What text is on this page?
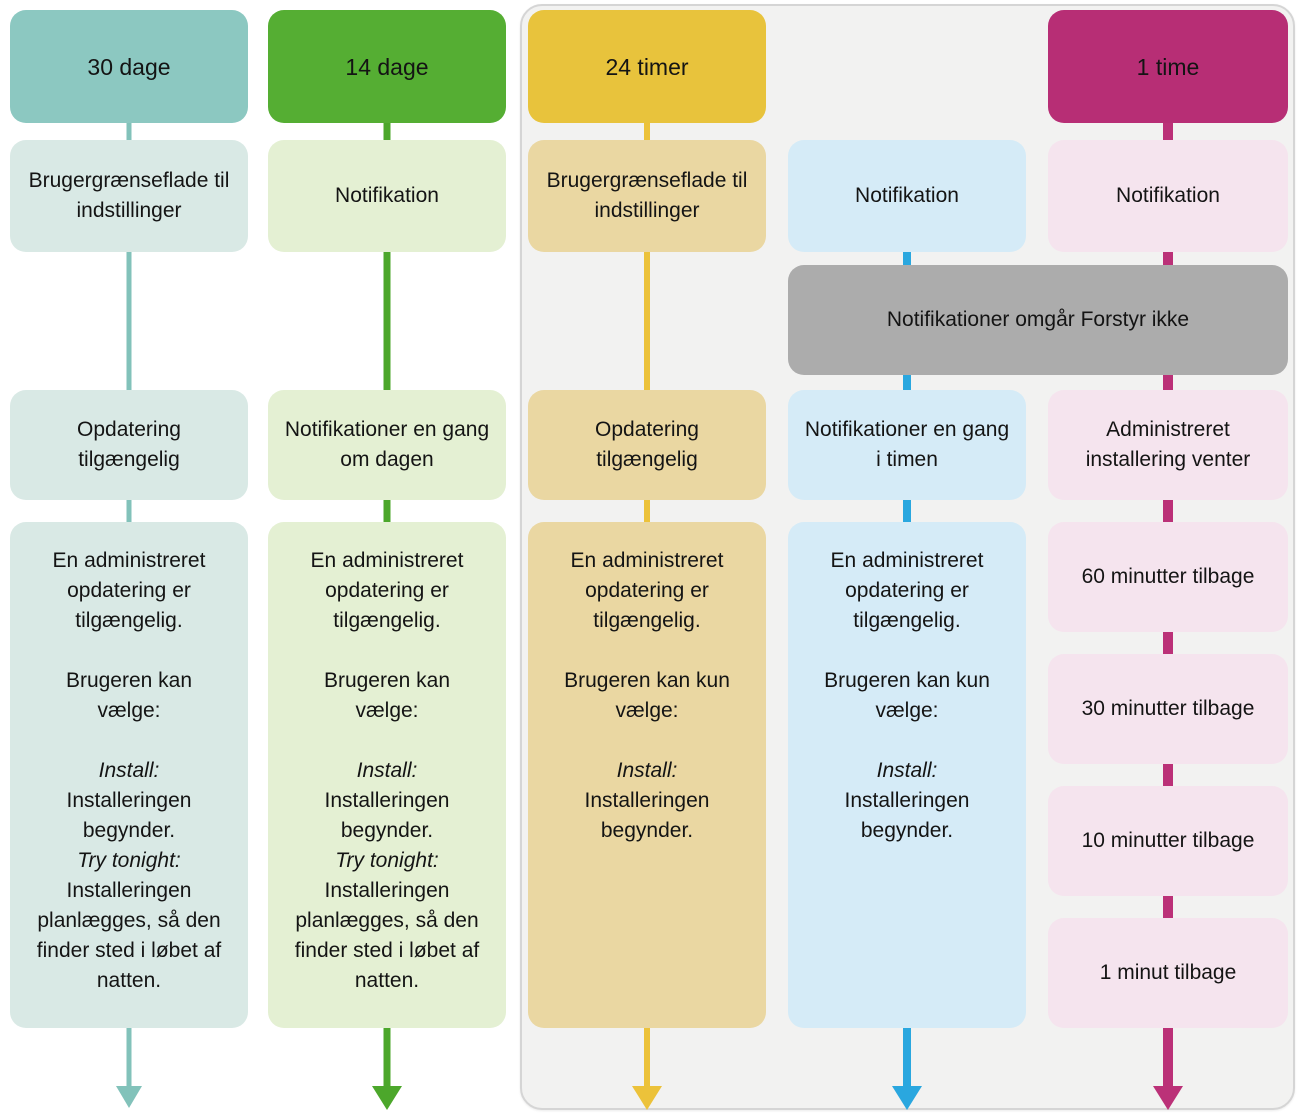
30 dage
Brugergrænseflade til indstillinger
Opdatering tilgængelig
En administreret opdatering er tilgængelig.
Brugeren kan vælge:
Install:
Installeringen begynder.
Try tonight:
Installeringen planlægges, så den finder sted i løbet af natten.
14 dage
Notifikation
Notifikationer en gang om dagen
En administreret opdatering er tilgængelig.
Brugeren kan vælge:
Install:
Installeringen begynder.
Try tonight:
Installeringen planlægges, så den finder sted i løbet af natten.
24 timer
Brugergrænseflade til indstillinger
Opdatering tilgængelig
En administreret opdatering er tilgængelig.
Brugeren kan kun vælge:
Install:
Installeringen begynder.
Notifikation
Notifikationer en gang i timen
En administreret opdatering er tilgængelig.
Brugeren kan kun vælge:
Install:
Installeringen begynder.
1 time
Notifikation
Administreret installering venter
60 minutter tilbage
30 minutter tilbage
10 minutter tilbage
1 minut tilbage
Notifikationer omgår Forstyr ikke
